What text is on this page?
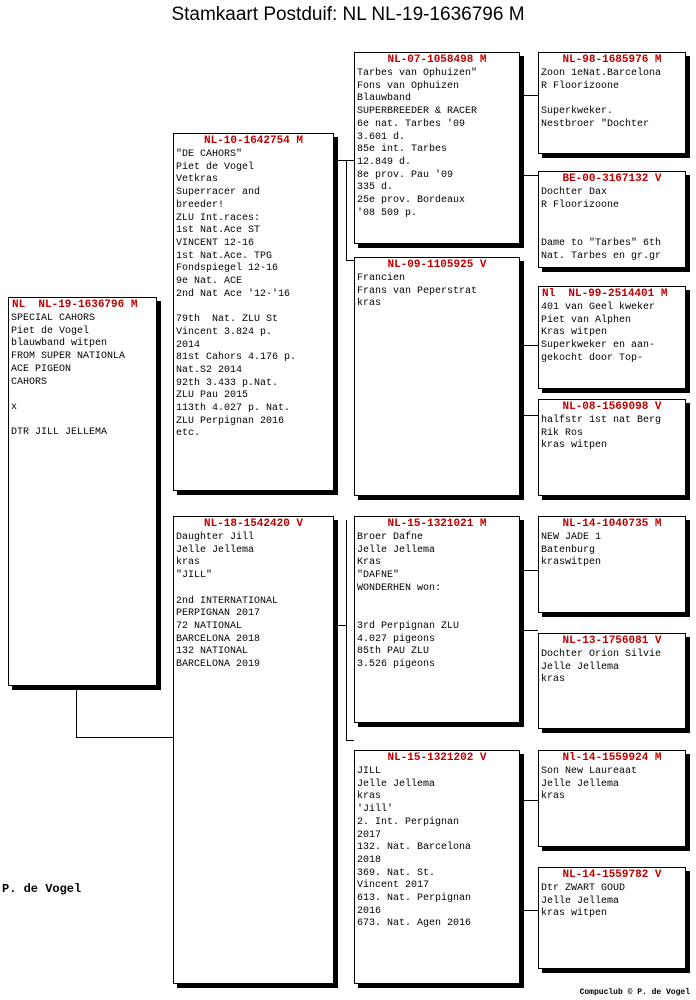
Stamkaart Postduif: NL NL-19-1636796 M
NL  NL-19-1636796 M
SPECIAL CAHORS
Piet de Vogel
blauwband witpen
FROM SUPER NATIONLA
ACE PIGEON
CAHORS

x

DTR JILL JELLEMA
NL-10-1642754 M
"DE CAHORS"
Piet de Vogel
Vetkras
Superracer and
breeder!
ZLU Int.races:
1st Nat.Ace ST
VINCENT 12-16
1st Nat.Ace. TPG
Fondspiegel 12-16
9e Nat. ACE
2nd Nat Ace '12-'16

79th  Nat. ZLU St
Vincent 3.824 p.
2014
81st Cahors 4.176 p.
Nat.S2 2014
92th 3.433 p.Nat.
ZLU Pau 2015
113th 4.027 p. Nat.
ZLU Perpignan 2016
etc.
NL-18-1542420 V
Daughter Jill
Jelle Jellema
kras
"JILL"

2nd INTERNATIONAL
PERPIGNAN 2017
72 NATIONAL
BARCELONA 2018
132 NATIONAL
BARCELONA 2019
NL-07-1058498 M
Tarbes van Ophuizen"
Fons van Ophuizen
Blauwband
SUPERBREEDER & RACER
6e nat. Tarbes '09
3.601 d.
85e int. Tarbes
12.849 d.
8e prov. Pau '09
335 d.
25e prov. Bordeaux
'08 509 p.
NL-09-1105925 V
Francien
Frans van Peperstrat
kras
NL-15-1321021 M
Broer Dafne
Jelle Jellema
Kras
"DAFNE"
WONDERHEN won:

3rd Perpignan ZLU
4.027 pigeons
85th PAU ZLU
3.526 pigeons
NL-15-1321202 V
JILL
Jelle Jellema
kras
'Jill'
2. Int. Perpignan
2017
132. Nat. Barcelona
2018
369. Nat. St.
Vincent 2017
613. Nat. Perpignan
2016
673. Nat. Agen 2016
NL-98-1685976 M
Zoon 1eNat.Barcelona
R Floorizoone

Superkweker.
Nestbroer "Dochter
BE-00-3167132 V
Dochter Dax
R Floorizoone

Dame to "Tarbes" 6th
Nat. Tarbes en gr.gr
Nl  NL-99-2514401 M
401 van Geel kweker
Piet van Alphen
Kras witpen
Superkweker en aan-
gekocht door Top-
NL-08-1569098 V
halfstr 1st nat Berg
Rik Ros
kras witpen
NL-14-1040735 M
NEW JADE 1
Batenburg
kraswitpen
NL-13-1756081 V
Dochter Orion Silvie
Jelle Jellema
kras
Nl-14-1559924 M
Son New Laureaat
Jelle Jellema
kras
NL-14-1559782 V
Dtr ZWART GOUD
Jelle Jellema
kras witpen
P. de Vogel
Compuclub © P. de Vogel
